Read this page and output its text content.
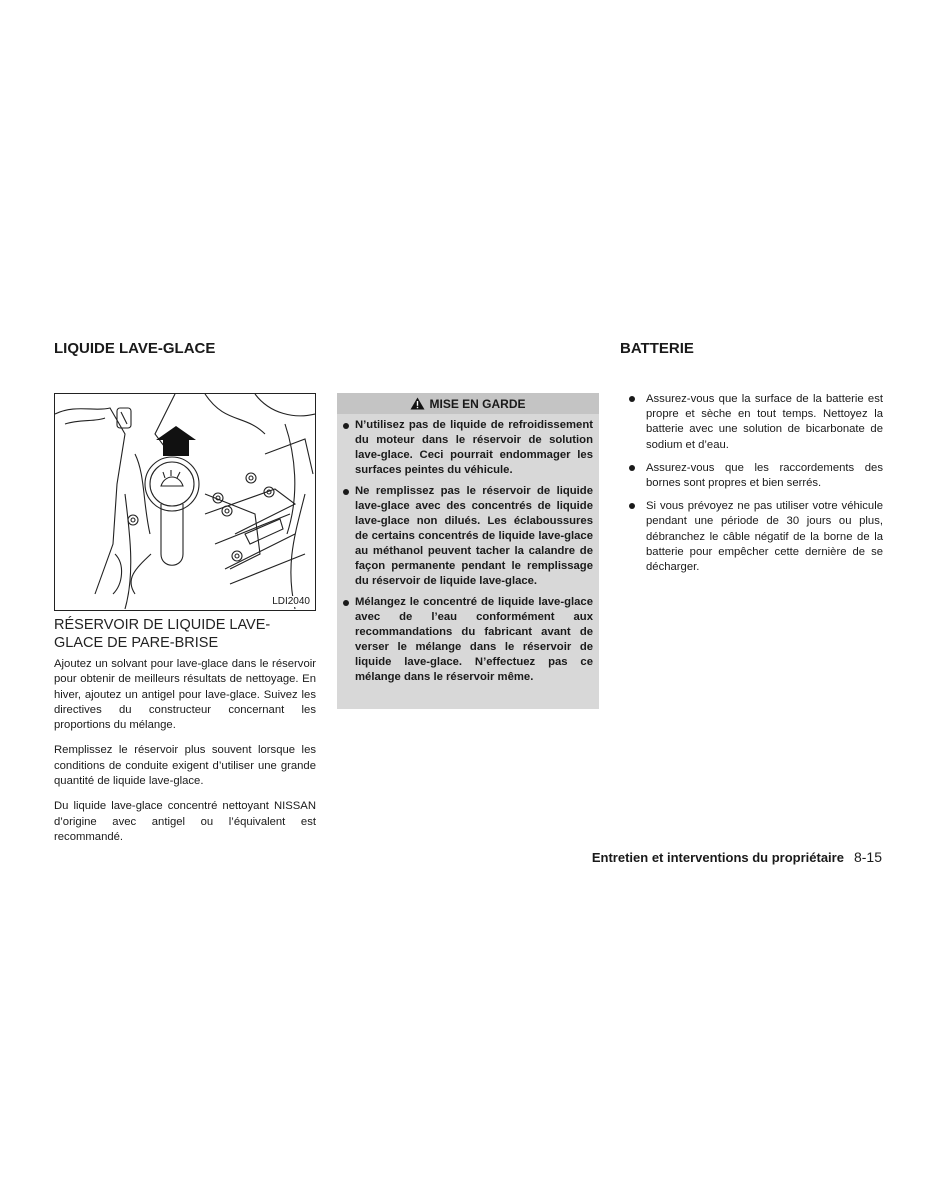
LIQUIDE LAVE-GLACE
LDI2040
RÉSERVOIR DE LIQUIDE LAVE-GLACE DE PARE-BRISE

Ajoutez un solvant pour lave-glace dans le réservoir pour obtenir de meilleurs résultats de nettoyage. En hiver, ajoutez un antigel pour lave-glace. Suivez les directives du constructeur concernant les proportions du mélange.

Remplissez le réservoir plus souvent lorsque les conditions de conduite exigent d’utiliser une grande quantité de liquide lave-glace.

Du liquide lave-glace concentré nettoyant NISSAN d’origine avec antigel ou l’équivalent est recommandé.

MISE EN GARDE
N’utilisez pas de liquide de refroidissement du moteur dans le réservoir de solution lave-glace. Ceci pourrait endommager les surfaces peintes du véhicule.
Ne remplissez pas le réservoir de liquide lave-glace avec des concentrés de liquide lave-glace non dilués. Les éclaboussures de certains concentrés de liquide lave-glace au méthanol peuvent tacher la calandre de façon permanente pendant le remplissage du réservoir de liquide lave-glace.
Mélangez le concentré de liquide lave-glace avec de l’eau conformément aux recommandations du fabricant avant de verser le mélange dans le réservoir de liquide lave-glace. N’effectuez pas ce mélange dans le réservoir même.
BATTERIE
Assurez-vous que la surface de la batterie est propre et sèche en tout temps. Nettoyez la batterie avec une solution de bicarbonate de sodium et d’eau.
Assurez-vous que les raccordements des bornes sont propres et bien serrés.
Si vous prévoyez ne pas utiliser votre véhicule pendant une période de 30 jours ou plus, débranchez le câble négatif de la borne de la batterie pour empêcher cette dernière de se décharger.
Entretien et interventions du propriétaire 8-15
